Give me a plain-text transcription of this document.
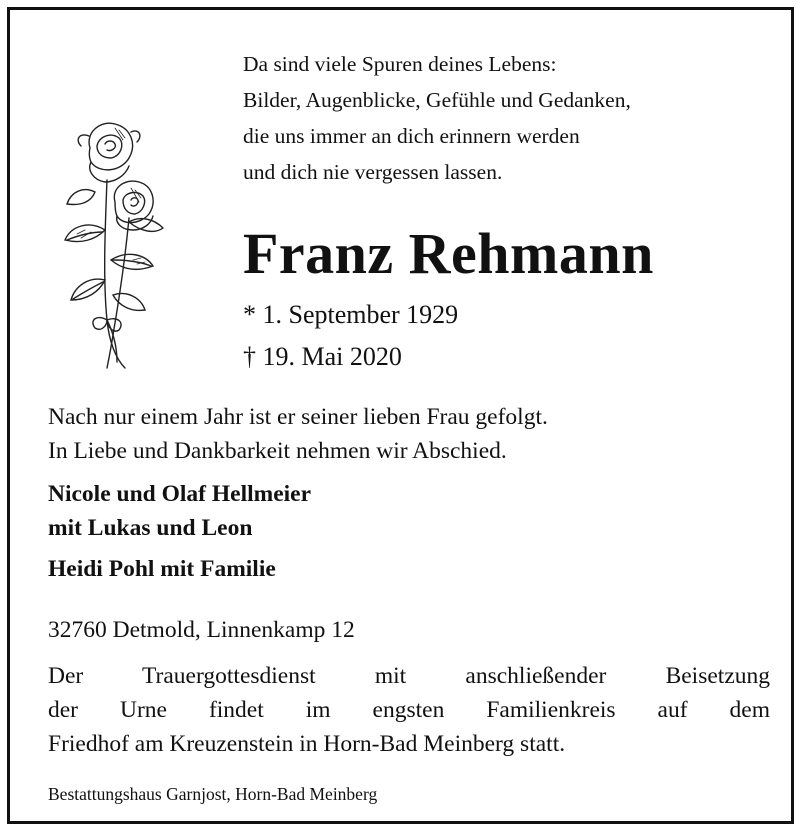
Da sind viele Spuren deines Lebens:
Bilder, Augenblicke, Gefühle und Gedanken,
die uns immer an dich erinnern werden
und dich nie vergessen lassen.
Franz Rehmann
* 1. September 1929
† 19. Mai 2020
Nach nur einem Jahr ist er seiner lieben Frau gefolgt.
In Liebe und Dankbarkeit nehmen wir Abschied.
Nicole und Olaf Hellmeier
mit Lukas und Leon
Heidi Pohl mit Familie
32760 Detmold, Linnenkamp 12
Der Trauergottesdienst mit anschließender Beisetzung
der Urne findet im engsten Familienkreis auf dem
Friedhof am Kreuzenstein in Horn-Bad Meinberg statt.
Bestattungshaus Garnjost, Horn-Bad Meinberg
